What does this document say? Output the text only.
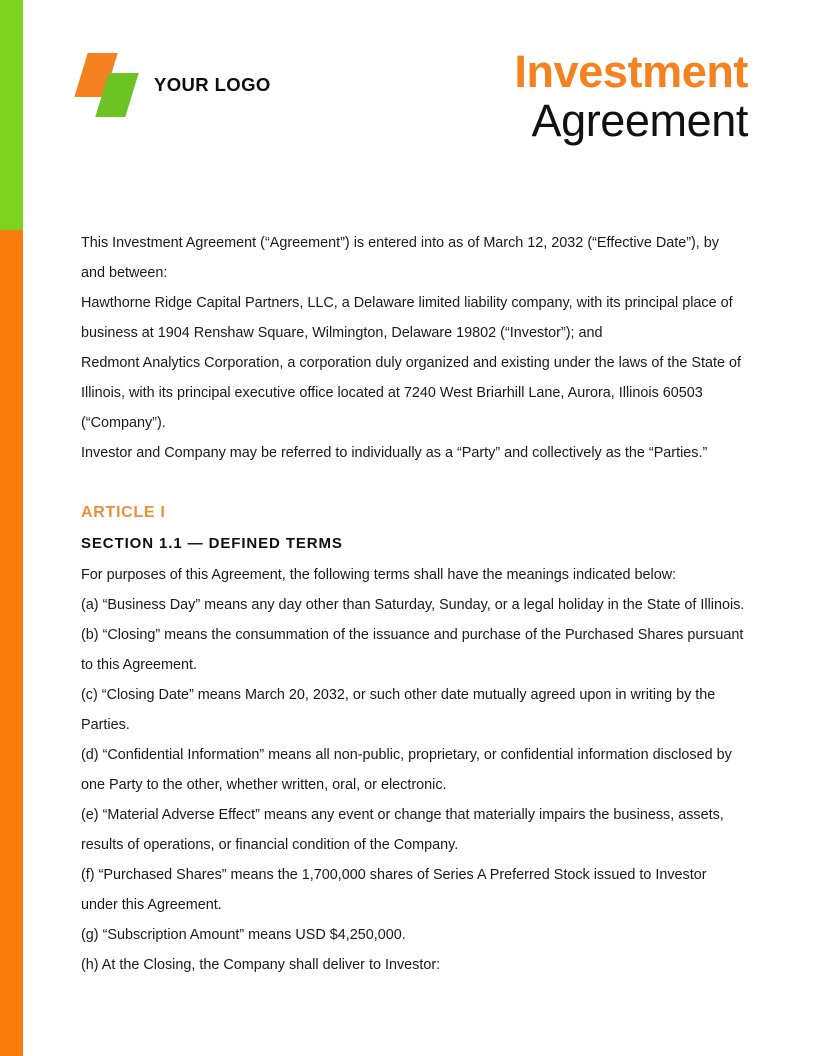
YOUR LOGO	Investment
Agreement

This Investment Agreement (“Agreement”) is entered into as of March 12, 2032 (“Effective Date”), by and between:

Hawthorne Ridge Capital Partners, LLC, a Delaware limited liability company, with its principal place of business at 1904 Renshaw Square, Wilmington, Delaware 19802 (“Investor”); and

Redmont Analytics Corporation, a corporation duly organized and existing under the laws of the State of Illinois, with its principal executive office located at 7240 West Briarhill Lane, Aurora, Illinois 60503 (“Company”).

Investor and Company may be referred to individually as a “Party” and collectively as the “Parties.”

ARTICLE I
SECTION 1.1 — DEFINED TERMS

For purposes of this Agreement, the following terms shall have the meanings indicated below:

(a) “Business Day” means any day other than Saturday, Sunday, or a legal holiday in the State of Illinois.

(b) “Closing” means the consummation of the issuance and purchase of the Purchased Shares pursuant to this Agreement.

(c) “Closing Date” means March 20, 2032, or such other date mutually agreed upon in writing by the Parties.

(d) “Confidential Information” means all non-public, proprietary, or confidential information disclosed by one Party to the other, whether written, oral, or electronic.

(e) “Material Adverse Effect” means any event or change that materially impairs the business, assets, results of operations, or financial condition of the Company.

(f) “Purchased Shares” means the 1,700,000 shares of Series A Preferred Stock issued to Investor under this Agreement.

(g) “Subscription Amount” means USD $4,250,000.

(h) At the Closing, the Company shall deliver to Investor:
